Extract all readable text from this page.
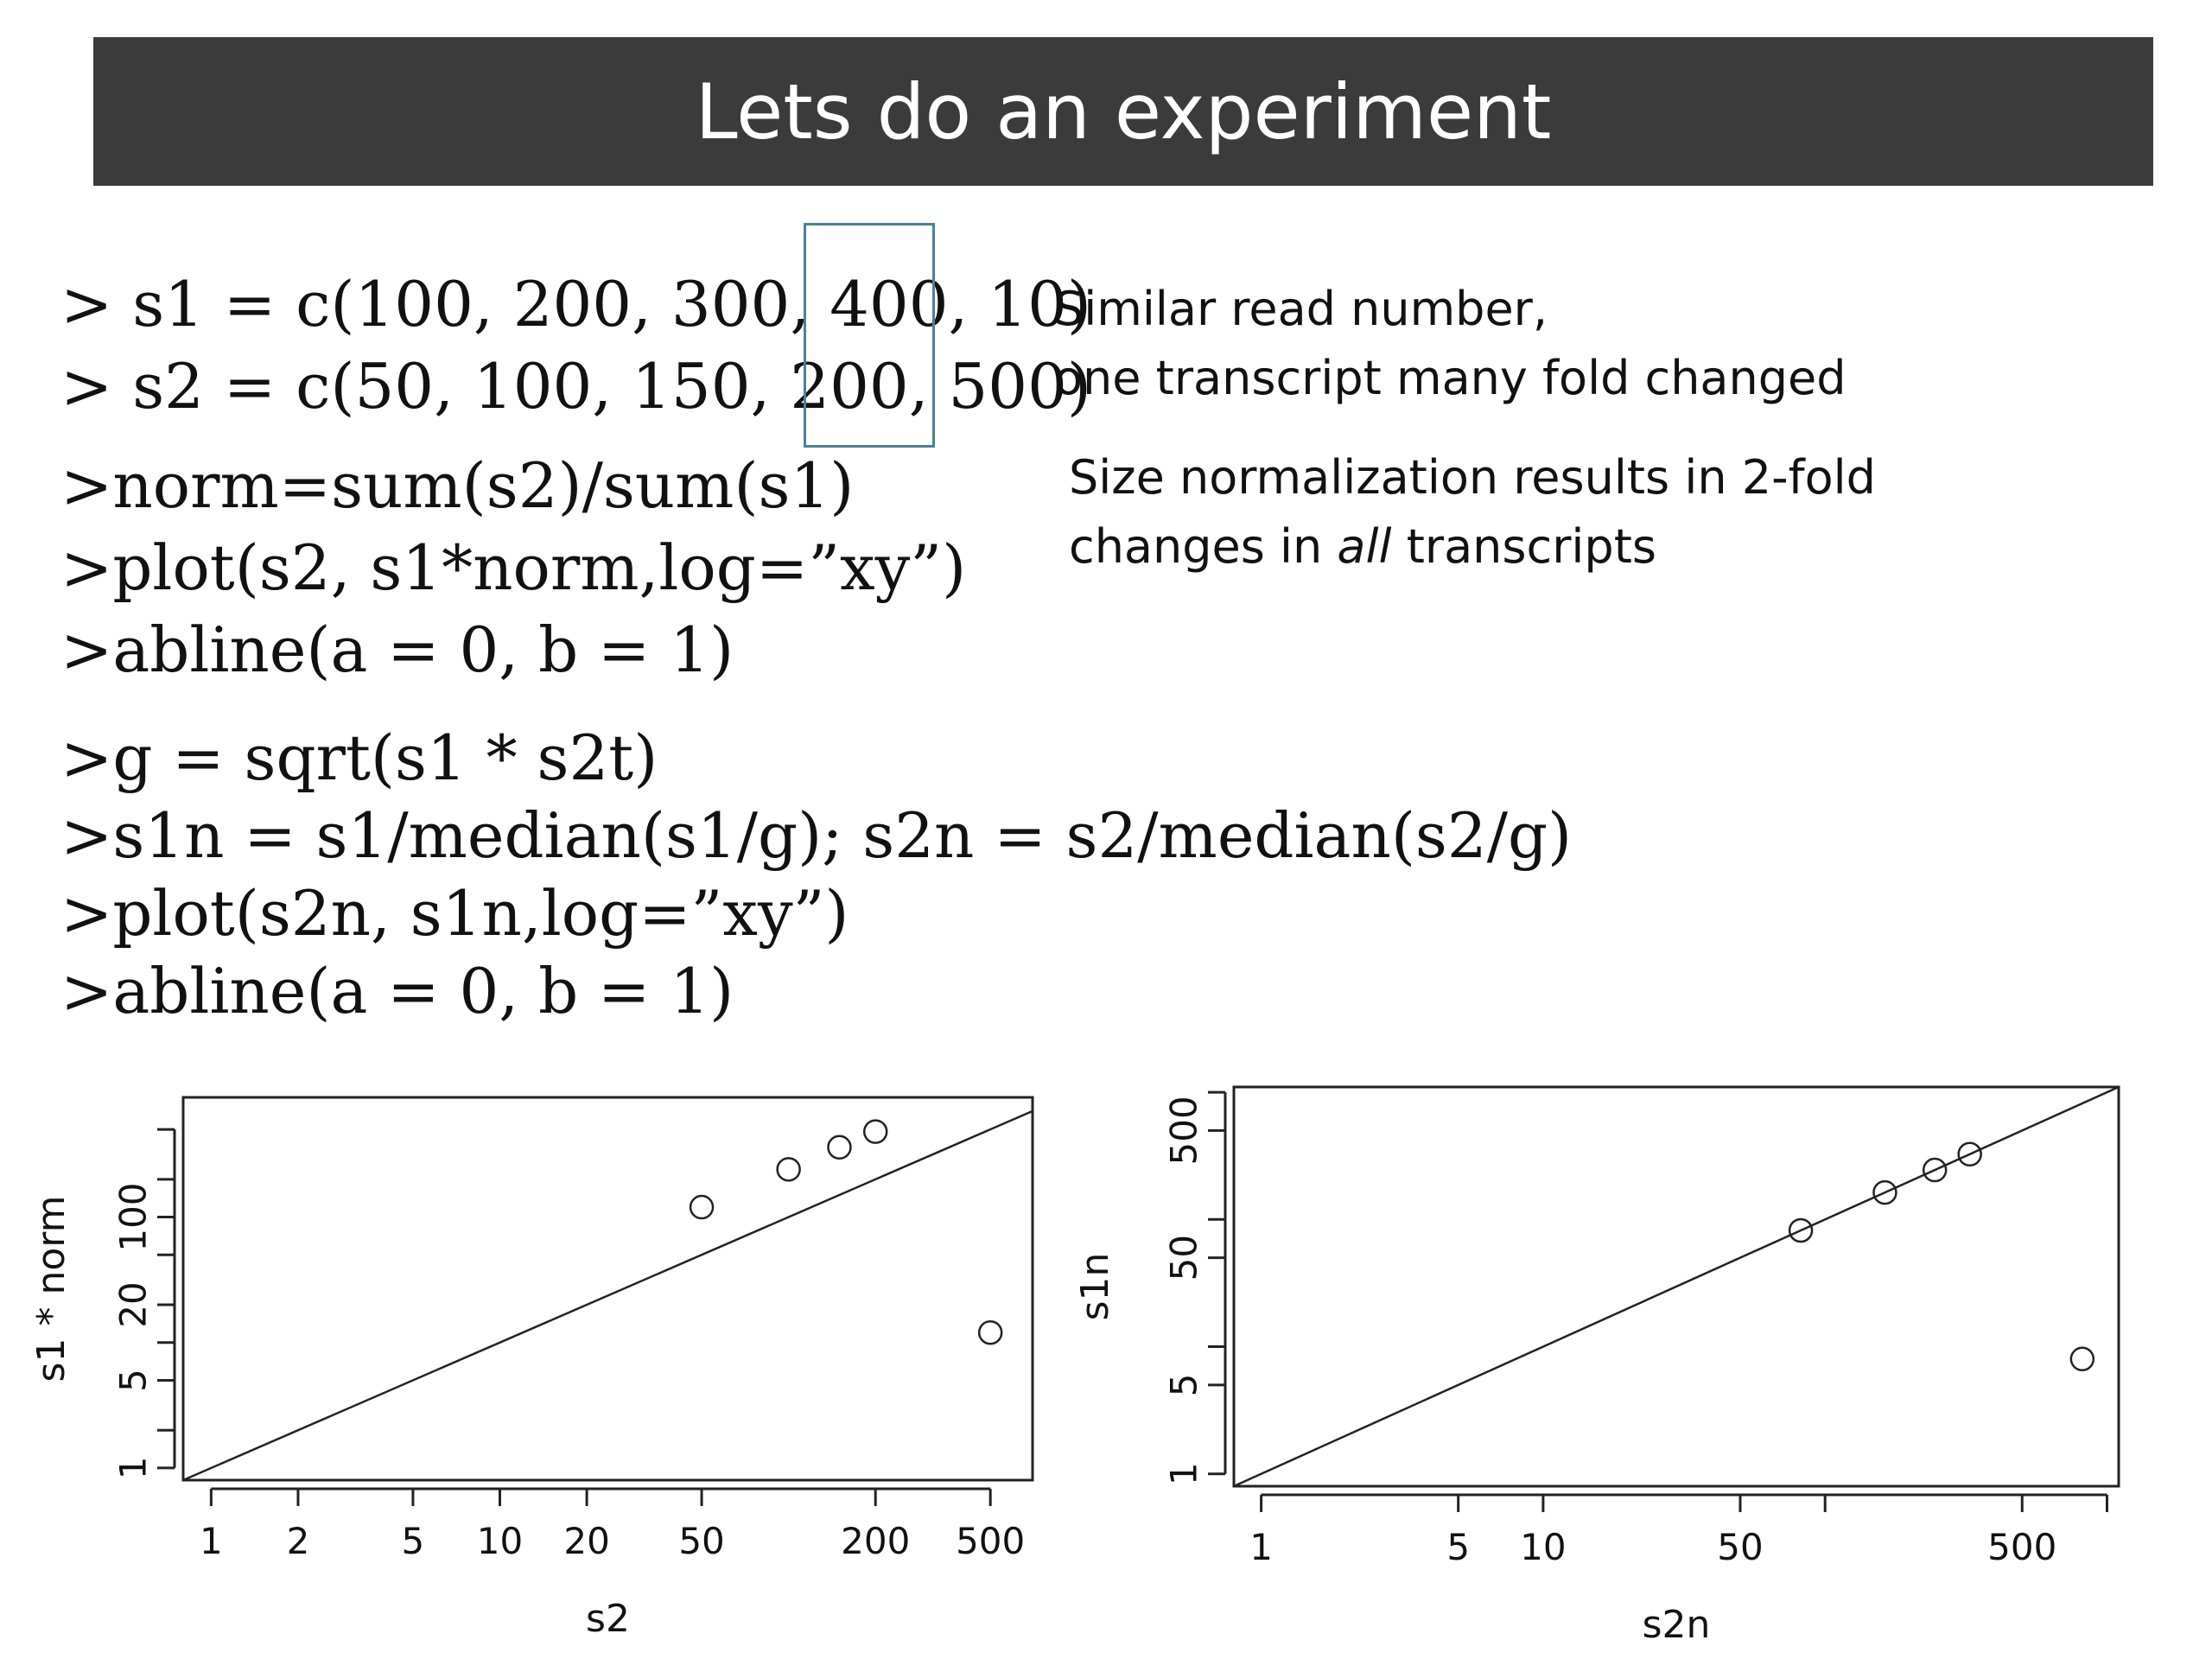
Lets do an experiment
> s1 = c(100, 200, 300, 400, 10)
> s2 = c(50, 100, 150, 200, 500)
>norm=sum(s2)/sum(s1)
>plot(s2, s1*norm,log=”xy”)
>abline(a = 0, b = 1)
>g = sqrt(s1 * s2t)
>s1n = s1/median(s1/g); s2n = s2/median(s2/g)
>plot(s2n, s1n,log=”xy”)
>abline(a = 0, b = 1)
Similar read number,
one transcript many fold changed
Size normalization results in 2-fold
changes in all transcripts
1 2	5 10 20 50	200 500
1
5
20
100
s2
s1 * norm
1	5 10	50	500
1
5
50
500
s2n
s1n
